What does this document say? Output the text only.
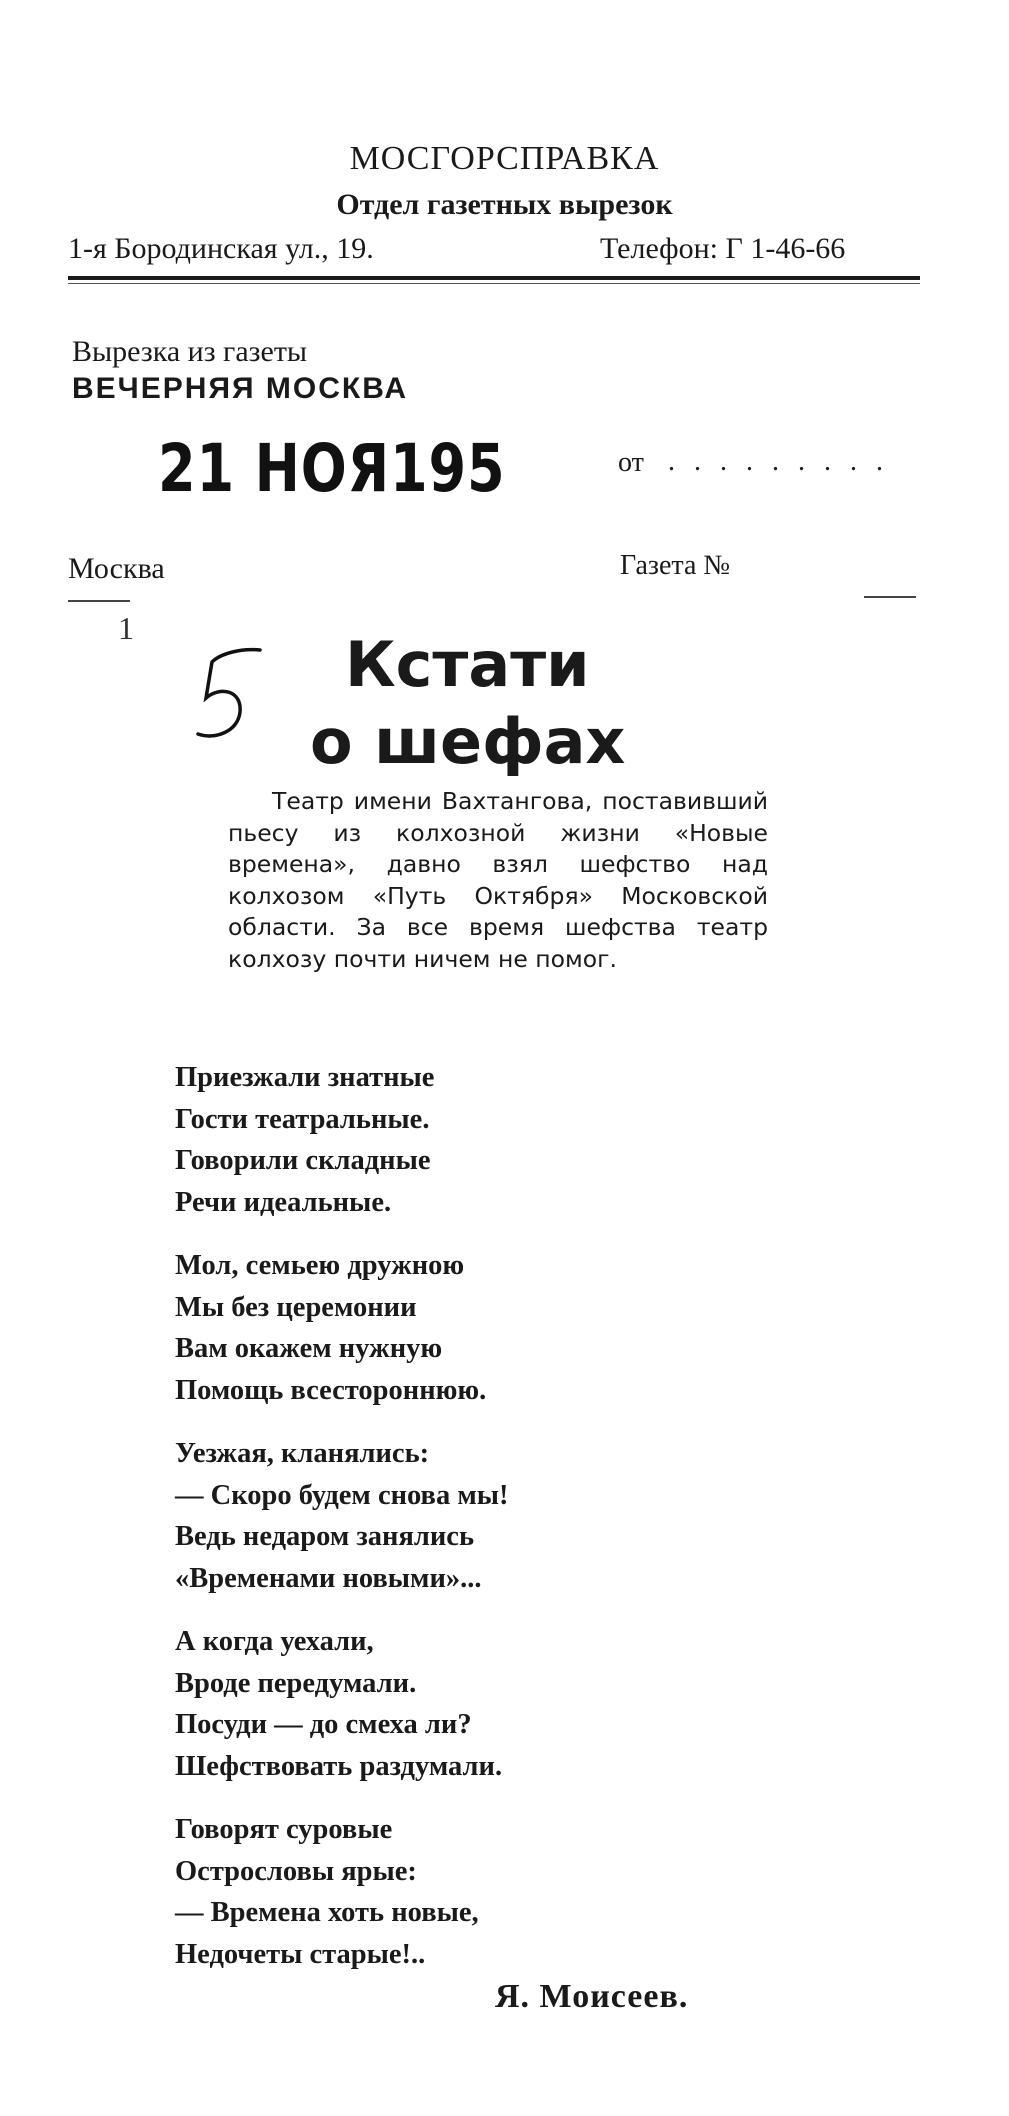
МОСГОРСПРАВКА
Отдел газетных вырезок
1-я Бородинская ул., 19.	Телефон: Г 1-46-66
Вырезка из газеты
ВЕЧЕРНЯЯ МОСКВА
21 НОЯ195	от . . . . . . . . .
Москва	Газета №
1	Кстати
о шефах
Театр имени Вахтангова, поставивший пьесу из колхозной жизни «Новые времена», давно взял шефство над колхозом «Путь Октября» Московской области. За все время шефства театр колхозу почти ничем не помог.
Приезжали знатные
Гости театральные.
Говорили складные
Речи идеальные.
Мол, семьею дружною
Мы без церемонии
Вам окажем нужную
Помощь всестороннюю.
Уезжая, кланялись:
— Скоро будем снова мы!
Ведь недаром занялись
«Временами новыми»...
А когда уехали,
Вроде передумали.
Посуди — до смеха ли?
Шефствовать раздумали.
Говорят суровые
Острословы ярые:
— Времена хоть новые,
Недочеты старые!..
Я. Моисеев.
